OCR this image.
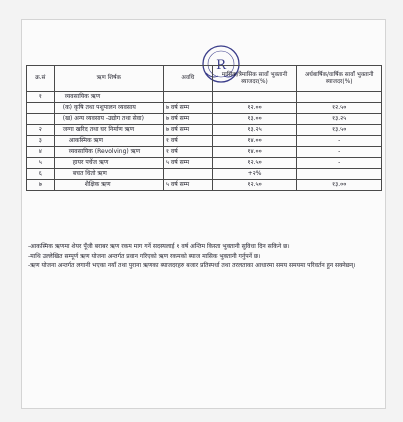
R
क्र.सं	ऋण शिर्षक	अवधि	मासिक/त्रैमासिक सावाँ भुक्तानी ब्याजदर(%)	अर्धबार्षिक/वार्षिक सावाँ भुक्तानी ब्याजदर(%)
१	व्यवसायिक ऋण			
	(क) कृषि तथा पशुपालन व्यवसाय	७ वर्ष सम्म	१२.००	१२.५०
	(ख) अन्य व्यवसाय -उद्योग तथा सेवा)	७ वर्ष सम्म	१३.००	१३.२५
२	जग्गा खरिद तथा घर निर्माण ऋण	७ वर्ष सम्म	१३.२५	१३.५०
३	आकस्मिक ऋण	१ वर्ष	१४.००	-
४	व्यवसायिक (Revolving) ऋण	१ वर्ष	१४.००	-
५	हायर पर्चेज ऋण	५ वर्ष सम्म	१२.५०	-
६	बचत धितो ऋण		+२%	
७	शैक्षिक ऋण	५ वर्ष सम्म	१२.५०	१३.००
-आकस्मिक ऋणमा शेयर पूँजी बराबर ऋण रकम माग गर्ने सदस्यलाई १ वर्ष अन्तिम किस्ता भुक्तानी सुविधा दिन सकिने छ।
-माथि उल्लेखित सम्पूर्ण ऋण योजना अन्तर्गत प्रवान गरिएको ऋण रकमको ब्याज मासिक भुक्तानी गर्नुपर्ने छ।
-ऋण योजना अन्तर्गत लगानी भएका नयाँ तथा पुराना ऋणका ब्याजदरहरु बजार प्रतिस्पर्धा तथा तरलताका आधारमा समय समयमा परिवर्तन हुन सक्नेछन्।
